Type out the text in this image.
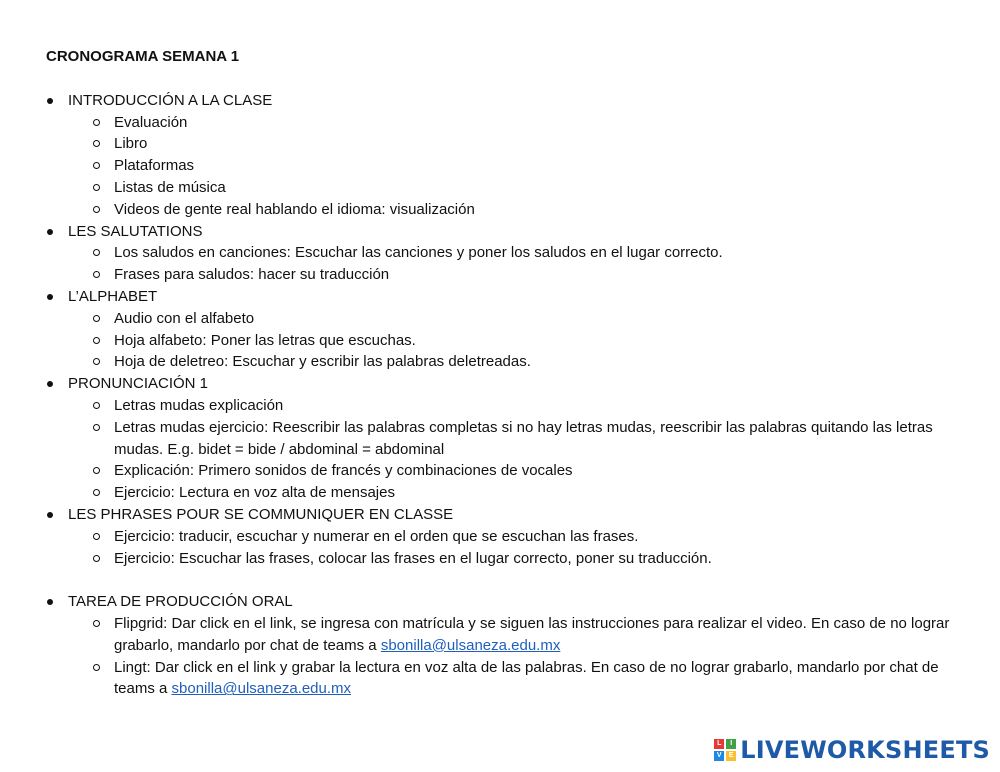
CRONOGRAMA SEMANA 1
INTRODUCCIÓN A LA CLASE
Evaluación
Libro
Plataformas
Listas de música
Videos de gente real hablando el idioma: visualización
LES SALUTATIONS
Los saludos en canciones: Escuchar las canciones y poner los saludos en el lugar correcto.
Frases para saludos: hacer su traducción
L’ALPHABET
Audio con el alfabeto
Hoja alfabeto: Poner las letras que escuchas.
Hoja de deletreo: Escuchar y escribir las palabras deletreadas.
PRONUNCIACIÓN 1
Letras mudas explicación
Letras mudas ejercicio: Reescribir las palabras completas si no hay letras mudas, reescribir las palabras quitando las letras mudas. E.g. bidet = bide / abdominal = abdominal
Explicación: Primero sonidos de francés y combinaciones de vocales
Ejercicio: Lectura en voz alta de mensajes
LES PHRASES POUR SE COMMUNIQUER EN CLASSE
Ejercicio: traducir, escuchar y numerar en el orden que se escuchan las frases.
Ejercicio: Escuchar las frases, colocar las frases en el lugar correcto, poner su traducción.
TAREA DE PRODUCCIÓN ORAL
Flipgrid: Dar click en el link, se ingresa con matrícula y se siguen las instrucciones para realizar el video. En caso de no lograr grabarlo, mandarlo por chat de teams a sbonilla@ulsaneza.edu.mx
Lingt: Dar click en el link y grabar la lectura en voz alta de las palabras. En caso de no lograr grabarlo, mandarlo por chat de teams a sbonilla@ulsaneza.edu.mx
L	I
V	E LIVEWORKSHEETS
